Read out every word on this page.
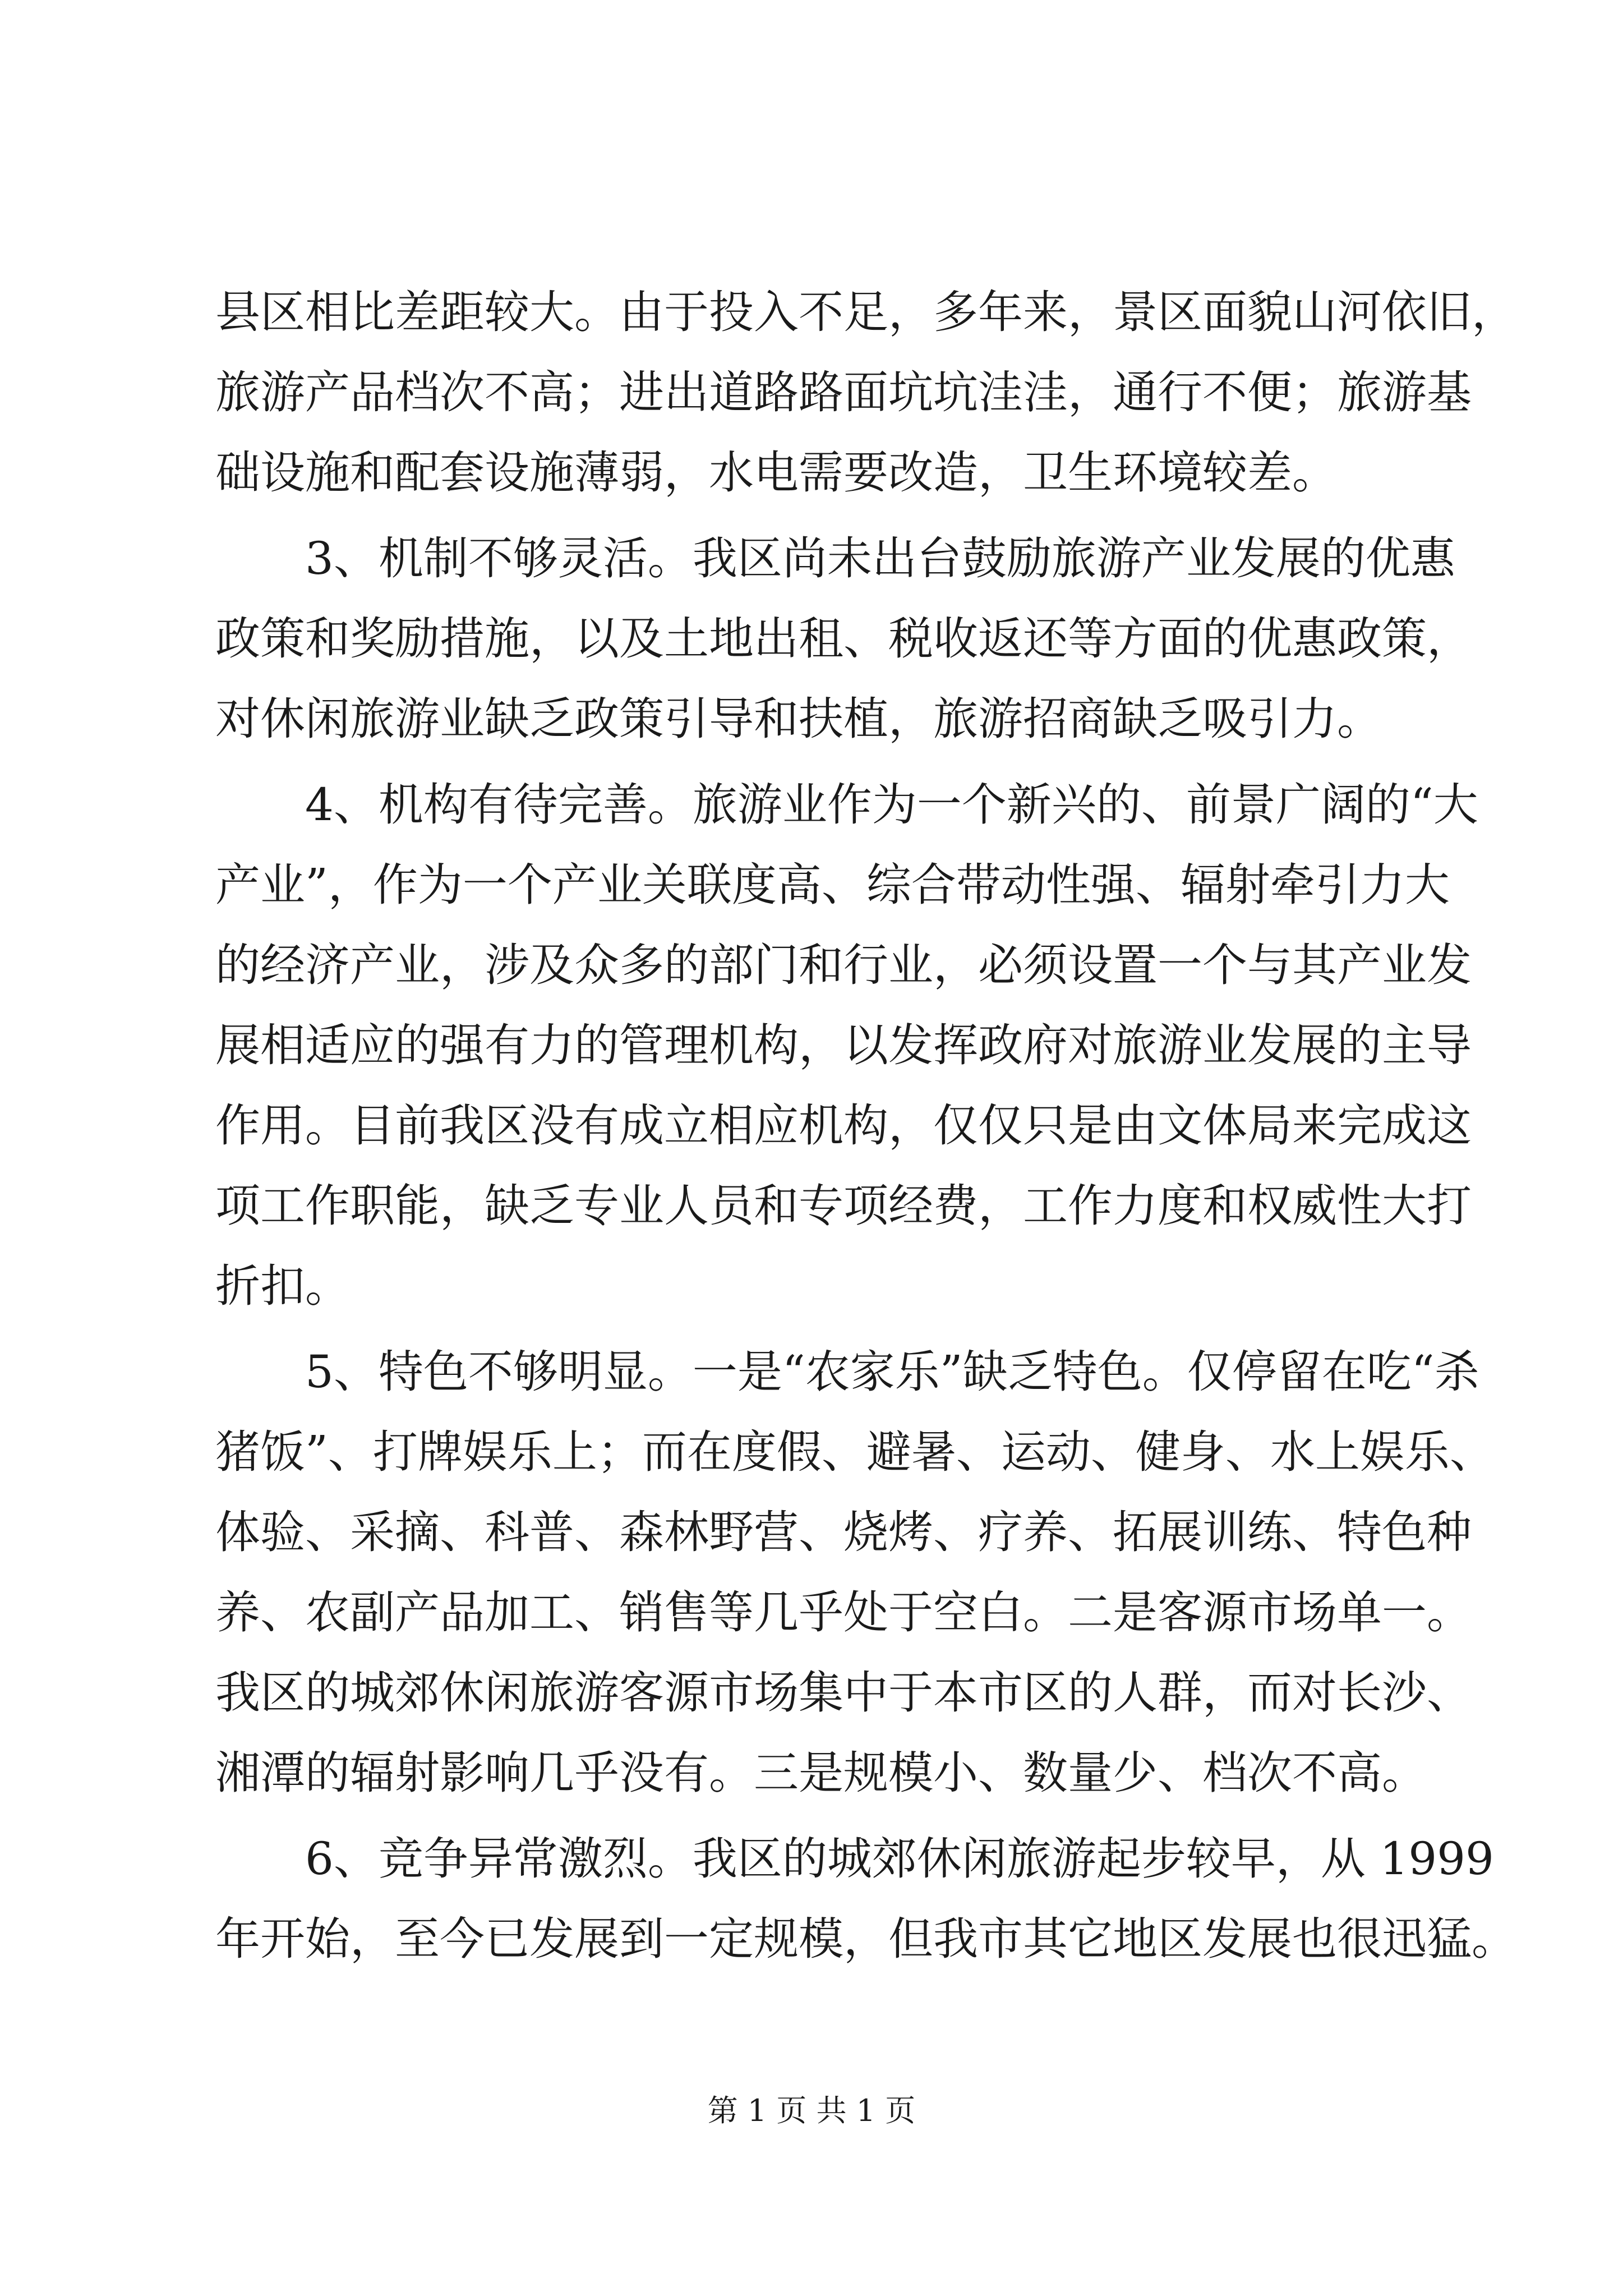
县区相比差距较大。由于投入不足，多年来，景区面貌山河依旧，
旅游产品档次不高；进出道路路面坑坑洼洼，通行不便；旅游基
础设施和配套设施薄弱，水电需要改造，卫生环境较差。
　　3、机制不够灵活。我区尚未出台鼓励旅游产业发展的优惠
政策和奖励措施，以及土地出租、税收返还等方面的优惠政策，
对休闲旅游业缺乏政策引导和扶植，旅游招商缺乏吸引力。
　　4、机构有待完善。旅游业作为一个新兴的、前景广阔的“大
产业”，作为一个产业关联度高、综合带动性强、辐射牵引力大
的经济产业，涉及众多的部门和行业，必须设置一个与其产业发
展相适应的强有力的管理机构，以发挥政府对旅游业发展的主导
作用。目前我区没有成立相应机构，仅仅只是由文体局来完成这
项工作职能，缺乏专业人员和专项经费，工作力度和权威性大打
折扣。
　　5、特色不够明显。一是“农家乐”缺乏特色。仅停留在吃“杀
猪饭”、打牌娱乐上；而在度假、避暑、运动、健身、水上娱乐、
体验、采摘、科普、森林野营、烧烤、疗养、拓展训练、特色种
养、农副产品加工、销售等几乎处于空白。二是客源市场单一。
我区的城郊休闲旅游客源市场集中于本市区的人群，而对长沙、
湘潭的辐射影响几乎没有。三是规模小、数量少、档次不高。
　　6、竞争异常激烈。我区的城郊休闲旅游起步较早，从 1999
年开始，至今已发展到一定规模，但我市其它地区发展也很迅猛。
第 1 页 共 1 页
